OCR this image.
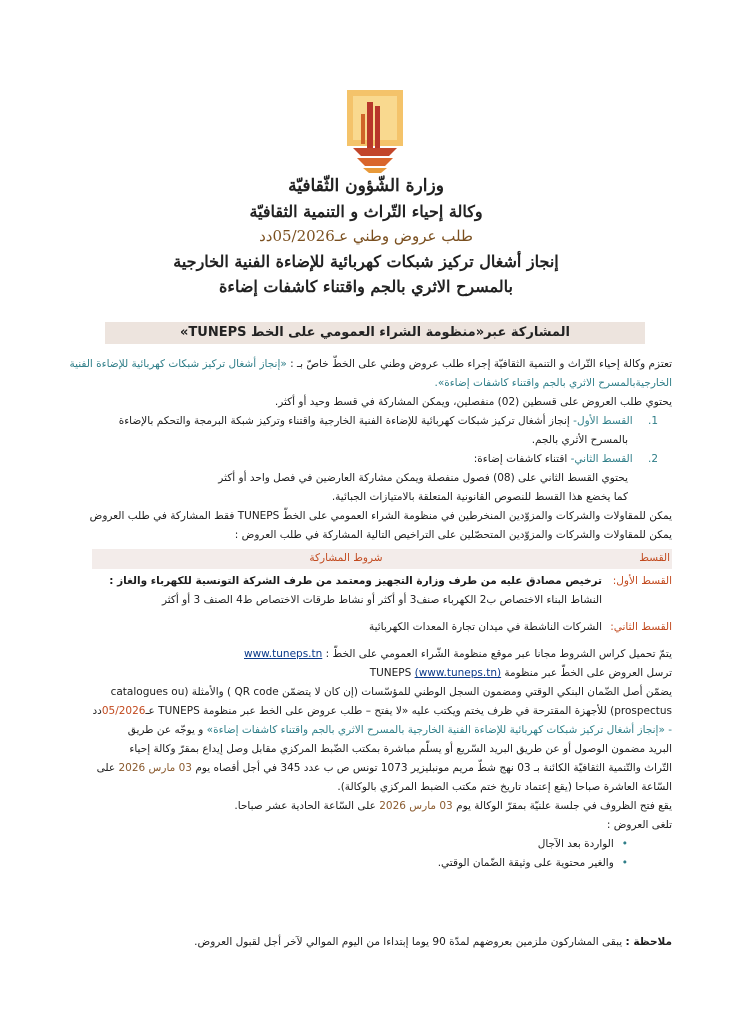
وزارة الشّؤون الثّقافيّة

وكالة إحياء التّراث و التنمية الثقافيّة

طلب عروض وطني عـ05/2026دد

إنجاز أشغال تركيز شبكات كهربائية للإضاءة الفنية الخارجية

بالمسرح الاثري بالجم واقتناء كاشفات إضاءة

المشاركة عبر«منظومة الشراء العمومي على الخط TUNEPS»

تعتزم وكالة إحياء التّراث و التنمية الثقافيّة إجراء طلب عروض وطني على الخطّ خاصّ بـ : «إنجاز أشغال تركيز شبكات كهربائية للإضاءة الفنية الخارجيةبالمسرح الاثري بالجم واقتناء كاشفات إضاءة».

يحتوي طلب العروض على قسطين (02) منفصلين، ويمكن المشاركة في قسط وحيد أو أكثر.

1. القسط الأول- إنجاز أشغال تركيز شبكات كهربائية للإضاءة الفنية الخارجية واقتناء وتركيز شبكة البرمجة والتحكم بالإضاءة

بالمسرح الأثري بالجم.

2. القسط الثاني- اقتناء كاشفات إضاءة:

يحتوي القسط الثاني على (08) فصول منفصلة ويمكن مشاركة العارضين في فصل واحد أو أكثر

كما يخضع هذا القسط للنصوص القانونية المتعلقة بالامتيازات الجبائية.

يمكن للمقاولات والشركات والمزوّدين المنخرطين في منظومة الشراء العمومي على الخطّ TUNEPS فقط المشاركة في طلب العروض

يمكن للمقاولات والشركات والمزوّدين المتحصّلين على التراخيص التالية المشاركة في طلب العروض :

القسط
شروط المشاركة
القسط الأول:
ترخيص مصادق عليه من طرف وزارة التجهيز ومعتمد من طرف الشركة التونسية للكهرباء والغاز :
النشاط البناء الاختصاص ب2 الكهرباء صنف3 أو أكثر أو نشاط طرقات الاختصاص ط4 الصنف 3 أو أكثر
القسط الثاني:
الشركات الناشطة في ميدان تجارة المعدات الكهربائية

يتمّ تحميل كراس الشروط مجانا عبر موقع منظومة الشّراء العمومي على الخطّ : www.tuneps.tn

ترسل العروض على الخطّ عبر منظومة TUNEPS (www.tuneps.tn)

يضمّن أصل الضّمان البنكي الوقتي ومضمون السجل الوطني للمؤسّسات (إن كان لا يتضمّن QR code ) والأمثلة (catalogues ou

prospectus) للأجهزة المقترحة في ظرف يختم ويكتب عليه «لا يفتح – طلب عروض على الخط عبر منظومة TUNEPS عـ05/2026دد

- «إنجاز أشغال تركيز شبكات كهربائية للإضاءة الفنية الخارجية بالمسرح الاثري بالجم واقتناء كاشفات إضاءة» و يوجّه عن طريق

البريد مضمون الوصول أو عن طريق البريد السّريع أو يسلّم مباشرة بمكتب الضّبط المركزي مقابل وصل إيداع بمقرّ وكالة إحياء

التّراث والتّنمية الثقافيّة الكائنة بـ 03 نهج شطّ مريم مونبليزير 1073 تونس ص ب عدد 345 في أجل أقصاه يوم 03 مارس 2026 على

السّاعة العاشرة صباحا (يقع إعتماد تاريخ ختم مكتب الضبط المركزي بالوكالة).

يقع فتح الظروف في جلسة علنيّة بمقرّ الوكالة يوم 03 مارس 2026 على السّاعة الحادية عشر صباحا.

تلغى العروض :

• الواردة بعد الآجال
• والغير محتوية على وثيقة الضّمان الوقتي.
ملاحظة : يبقى المشاركون ملزمين بعروضهم لمدّة 90 يوما إبتداءا من اليوم الموالي لآخر أجل لقبول العروض.
